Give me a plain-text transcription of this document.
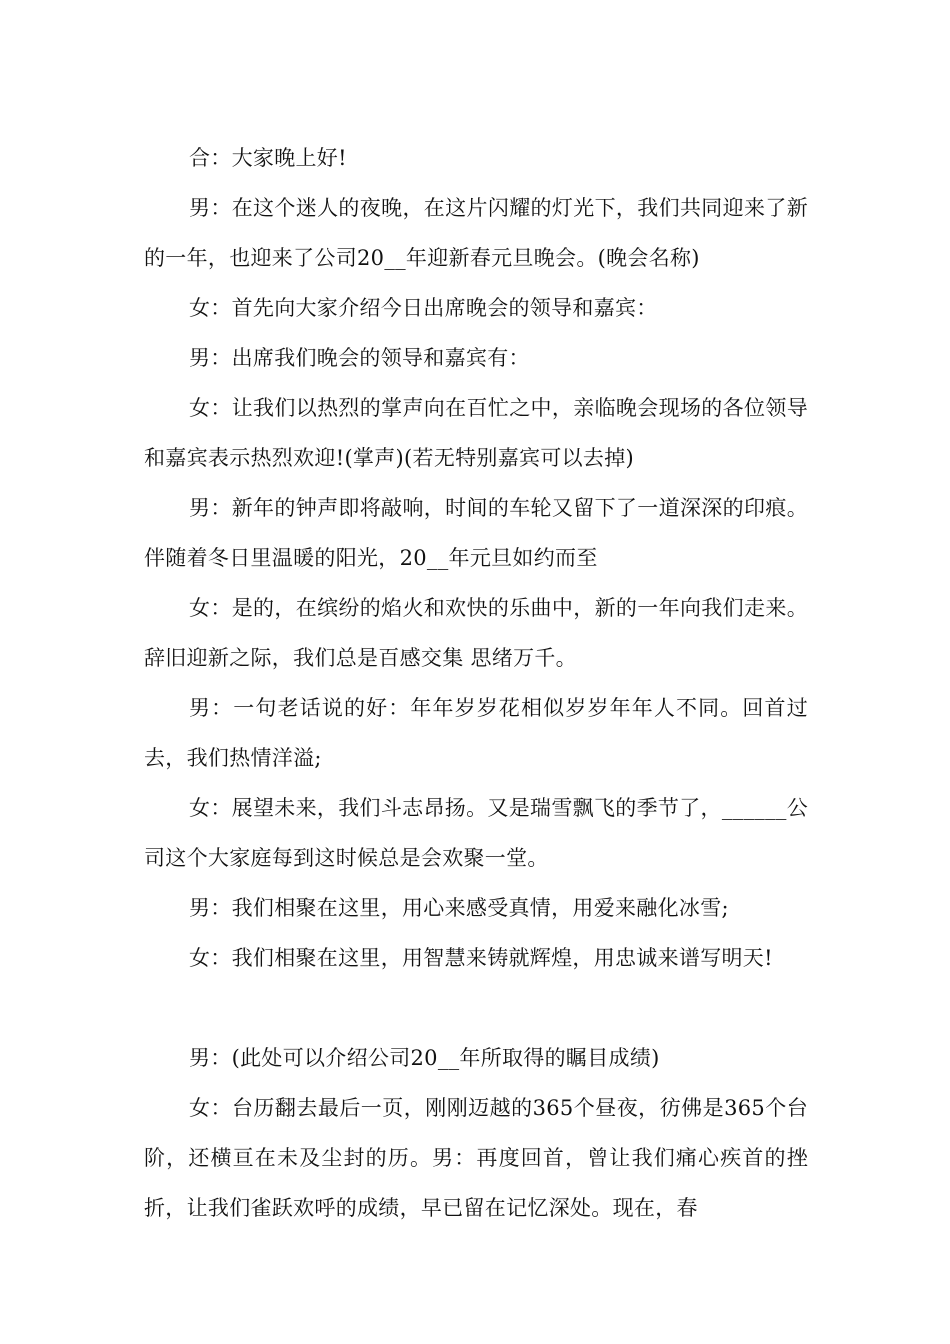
合：大家晚上好!

男：在这个迷人的夜晚，在这片闪耀的灯光下，我们共同迎来了新的一年，也迎来了公司20__年迎新春元旦晚会。(晚会名称)

女：首先向大家介绍今日出席晚会的领导和嘉宾：

男：出席我们晚会的领导和嘉宾有：

女：让我们以热烈的掌声向在百忙之中，亲临晚会现场的各位领导和嘉宾表示热烈欢迎!(掌声)(若无特别嘉宾可以去掉)

男：新年的钟声即将敲响，时间的车轮又留下了一道深深的印痕。伴随着冬日里温暖的阳光，20__年元旦如约而至

女：是的，在缤纷的焰火和欢快的乐曲中，新的一年向我们走来。辞旧迎新之际，我们总是百感交集 思绪万千。

男：一句老话说的好：年年岁岁花相似岁岁年年人不同。回首过去，我们热情洋溢;

女：展望未来，我们斗志昂扬。又是瑞雪飘飞的季节了，______公司这个大家庭每到这时候总是会欢聚一堂。

男：我们相聚在这里，用心来感受真情，用爱来融化冰雪;

女：我们相聚在这里，用智慧来铸就辉煌，用忠诚来谱写明天!

男：(此处可以介绍公司20__年所取得的瞩目成绩)

女：台历翻去最后一页，刚刚迈越的365个昼夜，彷佛是365个台阶，还横亘在未及尘封的历。男：再度回首，曾让我们痛心疾首的挫折，让我们雀跃欢呼的成绩，早已留在记忆深处。现在，春
